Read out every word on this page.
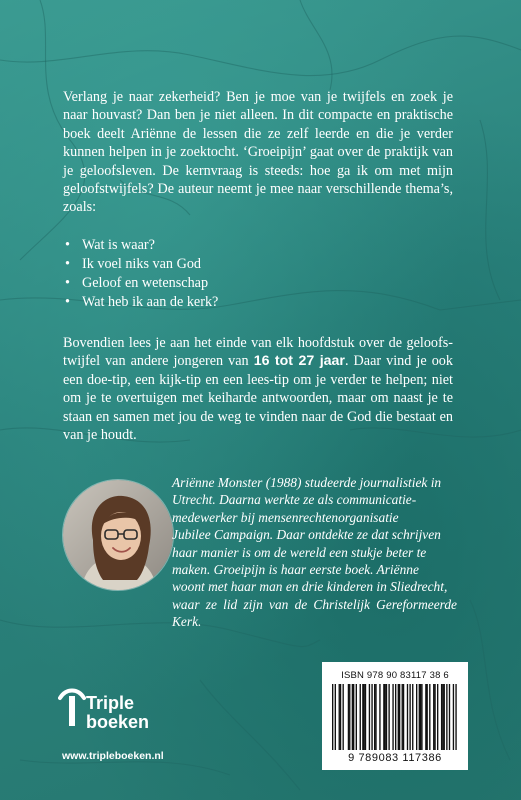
Verlang je naar zekerheid? Ben je moe van je twijfels en zoek je naar houvast? Dan ben je niet alleen. In dit compacte en praktische boek deelt Ariënne de lessen die ze zelf leerde en die je verder kunnen helpen in je zoektocht. ‘Groeipijn’ gaat over de praktijk van je geloofsleven. De kernvraag is steeds: hoe ga ik om met mijn geloofstwijfels? De auteur neemt je mee naar verschillende thema’s, zoals:

• Wat is waar?
• Ik voel niks van God
• Geloof en wetenschap
• Wat heb ik aan de kerk?

Bovendien lees je aan het einde van elk hoofdstuk over de geloofs-twijfel van andere jongeren van 16 tot 27 jaar. Daar vind je ook een doe-tip, een kijk-tip en een lees-tip om je verder te helpen; niet om je te overtuigen met keiharde antwoorden, maar om naast je te staan en samen met jou de weg te vinden naar de God die bestaat en van je houdt.

Ariënne Monster (1988) studeerde journalistiek in
Utrecht. Daarna werkte ze als communicatie-
medewerker bij mensenrechtenorganisatie
Jubilee Campaign. Daar ontdekte ze dat schrijven
haar manier is om de wereld een stukje beter te
maken. Groeipijn is haar eerste boek. Ariënne
woont met haar man en drie kinderen in Sliedrecht,
waar ze lid zijn van de Christelijk Gereformeerde Kerk.

Triple
boeken
www.tripleboeken.nl
ISBN 978 90 83117 38 6
9 789083 117386
